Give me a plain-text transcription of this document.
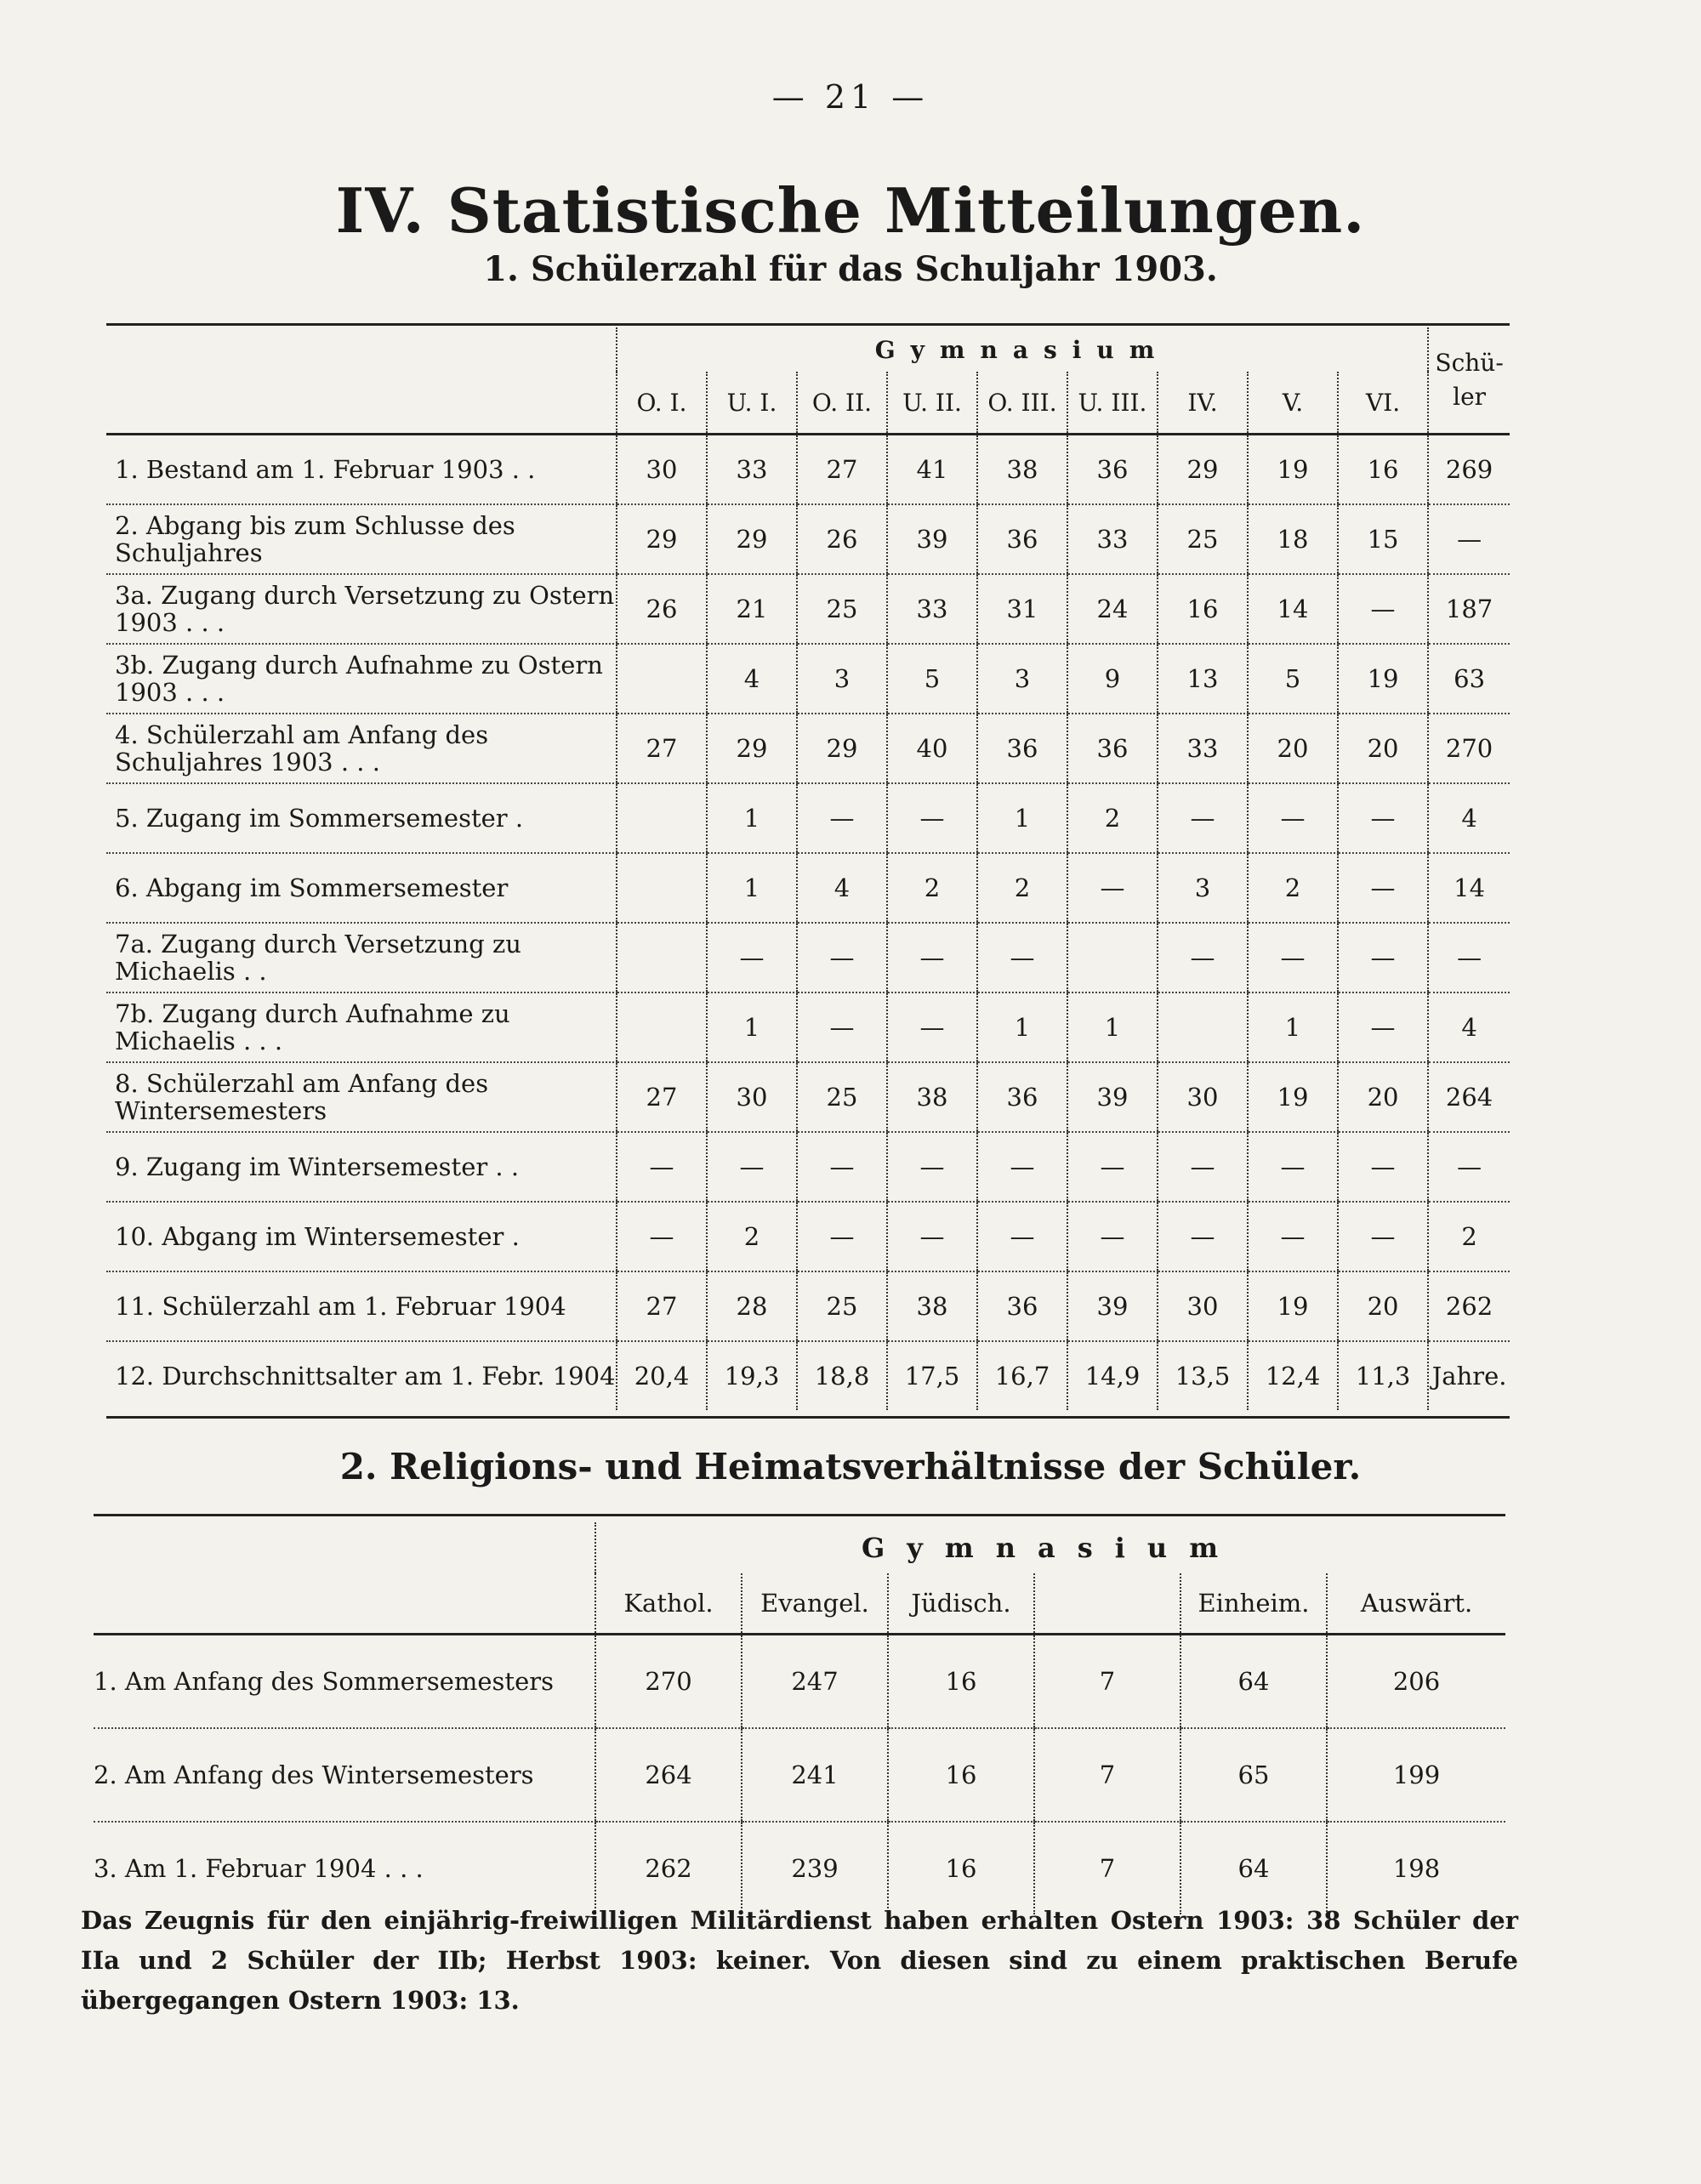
— 21 —
IV. Statistische Mitteilungen.
1. Schülerzahl für das Schuljahr 1903.
	Gymnasium									Schü-ler
	O. I.	U. I.	O. II.	U. II.	O. III.	U. III.	IV.	V.	VI.	
1. Bestand am 1. Februar 1903 . .	30	33	27	41	38	36	29	19	16	269
2. Abgang bis zum Schlusse des Schuljahres	29	29	26	39	36	33	25	18	15	—
3a. Zugang durch Versetzung zu Ostern 1903 . . .	26	21	25	33	31	24	16	14	—	187
3b. Zugang durch Aufnahme zu Ostern 1903 . . .		4	3	5	3	9	13	5	19	63
4. Schülerzahl am Anfang des Schuljahres 1903 . . .	27	29	29	40	36	36	33	20	20	270
5. Zugang im Sommersemester .		1	—	—	1	2	—	—	—	4
6. Abgang im Sommersemester		1	4	2	2	—	3	2	—	14
7a. Zugang durch Versetzung zu Michaelis . .		—	—	—	—		—	—	—	—
7b. Zugang durch Aufnahme zu Michaelis . . .		1	—	—	1	1		1	—	4
8. Schülerzahl am Anfang des Wintersemesters	27	30	25	38	36	39	30	19	20	264
9. Zugang im Wintersemester . .	—	—	—	—	—	—	—	—	—	—
10. Abgang im Wintersemester .	—	2	—	—	—	—	—	—	—	2
11. Schülerzahl am 1. Februar 1904	27	28	25	38	36	39	30	19	20	262
12. Durchschnittsalter am 1. Febr. 1904	20,4	19,3	18,8	17,5	16,7	14,9	13,5	12,4	11,3	Jahre.
2. Religions- und Heimatsverhältnisse der Schüler.
	Gymnasium					
	Kathol.	Evangel.	Jüdisch.		Einheim.	Auswärt.
1. Am Anfang des Sommersemesters	270	247	16	7	64	206
2. Am Anfang des Wintersemesters	264	241	16	7	65	199
3. Am 1. Februar 1904 . . .	262	239	16	7	64	198
Das Zeugnis für den einjährig-freiwilligen Militärdienst haben erhalten Ostern 1903: 38 Schüler der IIa und 2 Schüler der IIb; Herbst 1903: keiner. Von diesen sind zu einem praktischen Berufe übergegangen Ostern 1903: 13.
